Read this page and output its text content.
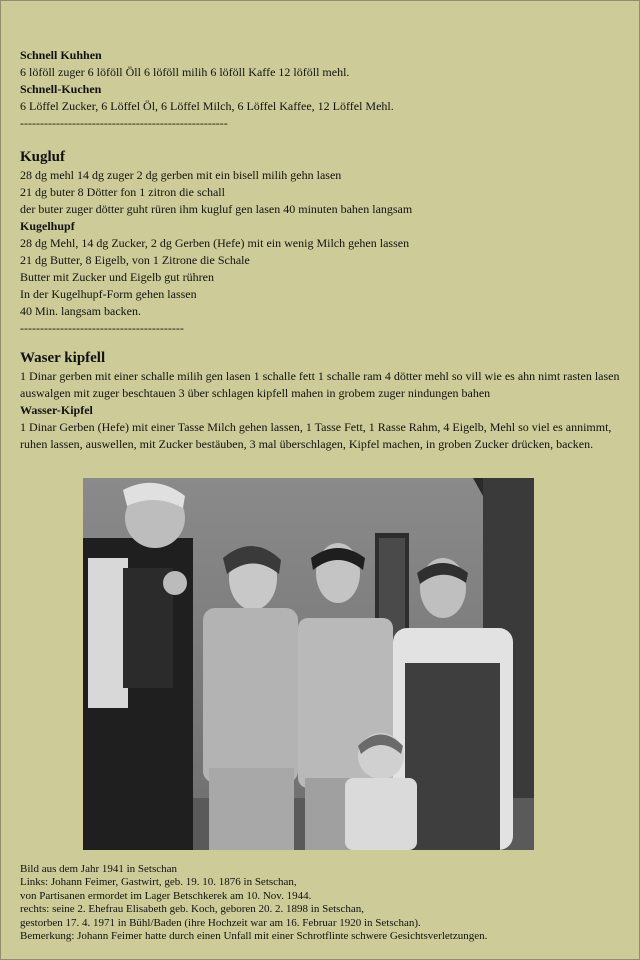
Schnell Kuhhen
6 löföll zuger 6 löföll Öll 6 löföll milih 6 löföll Kaffe 12 löföll mehl.
Schnell-Kuchen
6 Löffel Zucker, 6 Löffel Öl, 6 Löffel Milch, 6 Löffel Kaffee, 12 Löffel Mehl.
----------------------------------------------------
Kugluf
28 dg mehl 14 dg zuger 2 dg gerben mit ein bisell milih gehn lasen
21 dg buter 8 Dötter fon 1 zitron die schall
der buter zuger dötter guht rüren ihm kugluf gen lasen 40 minuten bahen langsam
Kugelhupf
28 dg Mehl, 14 dg Zucker, 2 dg Gerben (Hefe) mit ein wenig Milch gehen lassen
21 dg Butter, 8 Eigelb, von 1 Zitrone die Schale
Butter mit Zucker und Eigelb gut rühren
In der Kugelhupf-Form gehen lassen
40 Min. langsam backen.
-----------------------------------------
Waser kipfell
1 Dinar gerben mit einer schalle milih gen lasen 1 schalle fett 1 schalle ram 4 dötter mehl so vill wie es ahn nimt rasten lasen auswalgen mit zuger beschtauen 3 über schlagen kipfell mahen in grobem zuger nindungen bahen
Wasser-Kipfel
1 Dinar Gerben (Hefe) mit einer Tasse Milch gehen lassen, 1 Tasse Fett, 1 Rasse Rahm, 4 Eigelb, Mehl so viel es annimmt, ruhen lassen, auswellen, mit Zucker bestäuben, 3 mal überschlagen, Kipfel machen, in groben Zucker drücken, backen.
Bild aus dem Jahr 1941 in Setschan
Links: Johann Feimer, Gastwirt, geb. 19. 10. 1876 in Setschan,
von Partisanen ermordet im Lager Betschkerek am 10. Nov. 1944.
rechts: seine 2. Ehefrau Elisabeth geb. Koch, geboren 20. 2. 1898 in Setschan,
gestorben 17. 4. 1971 in Bühl/Baden (ihre Hochzeit war am 16. Februar 1920 in Setschan).
Bemerkung: Johann Feimer hatte durch einen Unfall mit einer Schrotflinte schwere Gesichtsverletzungen.
